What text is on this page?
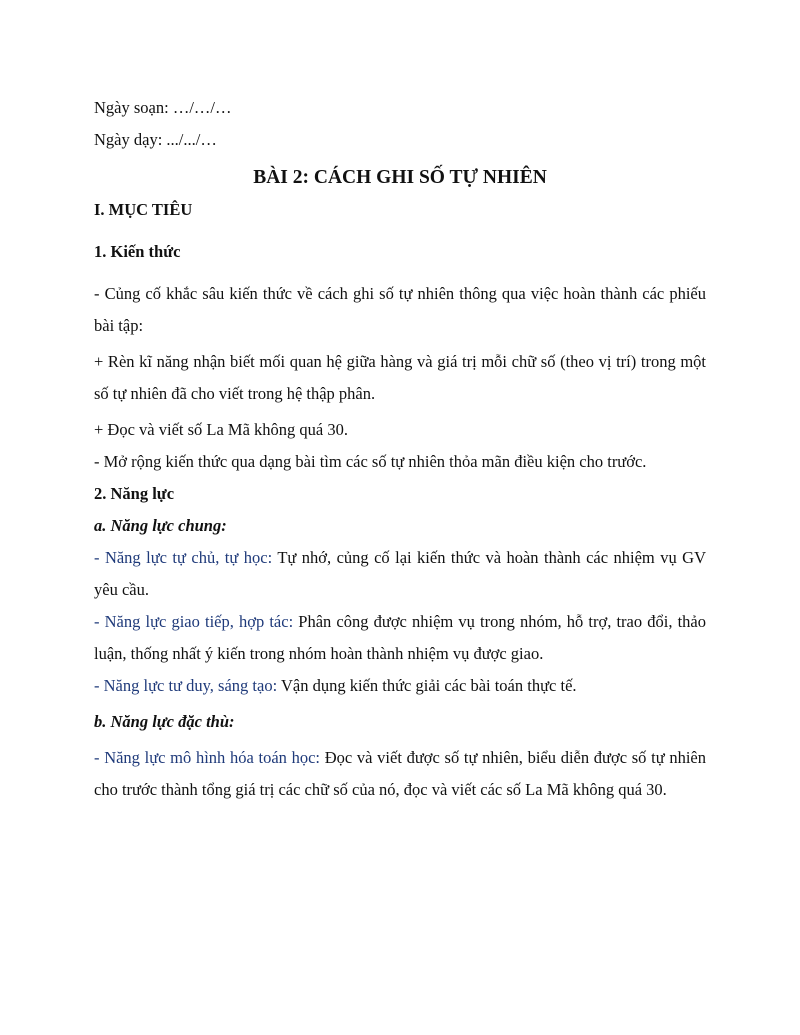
Ngày soạn: …/…/…

Ngày dạy: .../.../…

BÀI 2: CÁCH GHI SỐ TỰ NHIÊN

I. MỤC TIÊU

1. Kiến thức

- Củng cố khắc sâu kiến thức về cách ghi số tự nhiên thông qua việc hoàn thành các phiếu bài tập:

+ Rèn kĩ năng nhận biết mối quan hệ giữa hàng và giá trị mỗi chữ số (theo vị trí) trong một số tự nhiên đã cho viết trong hệ thập phân.

+ Đọc và viết số La Mã không quá 30.

- Mở rộng kiến thức qua dạng bài tìm các số tự nhiên thỏa mãn điều kiện cho trước.

2. Năng lực

a. Năng lực chung:

- Năng lực tự chủ, tự học: Tự nhớ, củng cố lại kiến thức và hoàn thành các nhiệm vụ GV yêu cầu.

- Năng lực giao tiếp, hợp tác: Phân công được nhiệm vụ trong nhóm, hỗ trợ, trao đổi, thảo luận, thống nhất ý kiến trong nhóm hoàn thành nhiệm vụ được giao.

- Năng lực tư duy, sáng tạo: Vận dụng kiến thức giải các bài toán thực tế.

b. Năng lực đặc thù:

- Năng lực mô hình hóa toán học: Đọc và viết được số tự nhiên, biểu diễn được số tự nhiên cho trước thành tổng giá trị các chữ số của nó, đọc và viết các số La Mã không quá 30.
